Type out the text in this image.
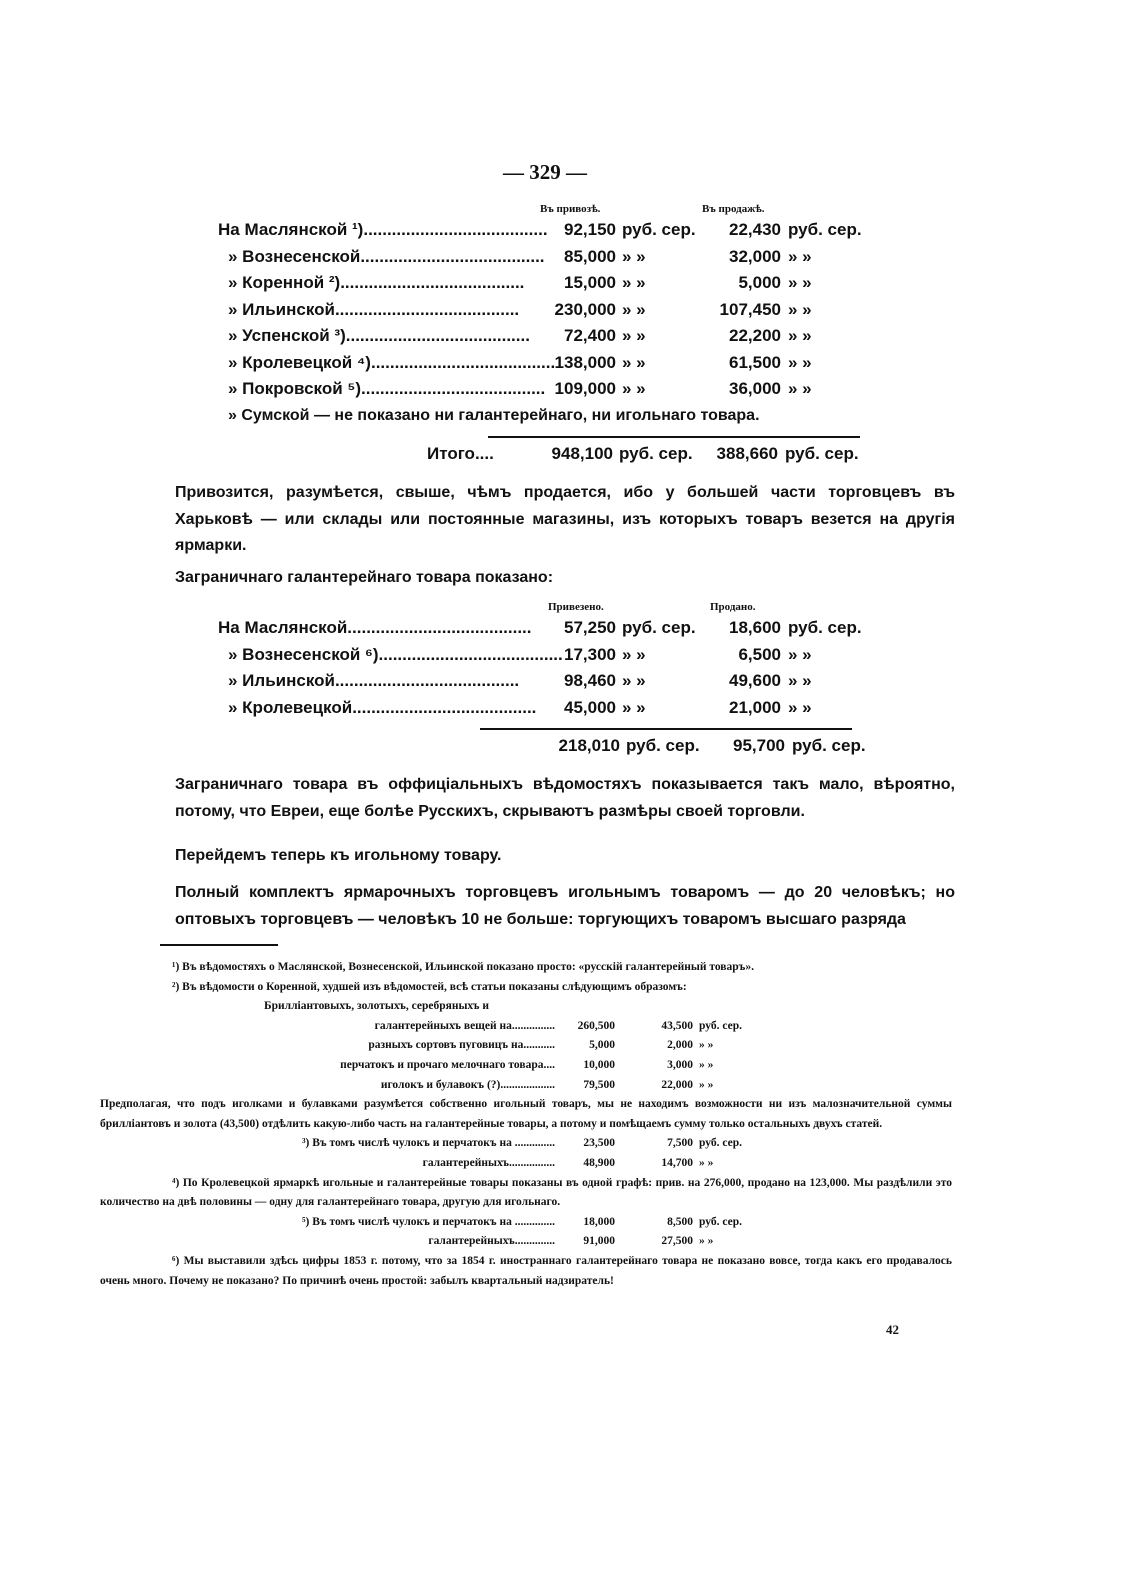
— 329 —
Въ привозѣ.	Въ продажѣ.
На Маслянской ¹)....................................... 92,150 руб. сер.	22,430 руб. сер.
» Вознесенской.......................................	85,000 » »	32,000 » »
» Коренной ²).......................................	15,000 » »	5,000 » »
» Ильинской.......................................	230,000 » »	107,450 » »
» Успенской ³).......................................	72,400 » »	22,200 » »
» Кролевецкой ⁴)....................................... 138,000 » »	61,500 » »
» Покровской ⁵)....................................... 109,000 » »	36,000 » »
» Сумской — не показано ни галантерейнаго, ни игольнаго товара.
Итого....	948,100 руб. сер.	388,660 руб. сер.

Привозится, разумѣется, свыше, чѣмъ продается, ибо у большей части торговцевъ въ Харьковѣ — или склады или постоянные магазины, изъ которыхъ товаръ везется на другія ярмарки.

Заграничнаго галантерейнаго товара показано:

Привезено.	Продано.
На Маслянской.......................................	57,250 руб. сер.	18,600 руб. сер.
» Вознесенской ⁶)....................................... 17,300 » »	6,500 » »
» Ильинской.......................................	98,460 » »	49,600 » »
» Кролевецкой.......................................	45,000 » »	21,000 » »
218,010 руб. сер.	95,700 руб. сер.

Заграничнаго товара въ оффиціальныхъ вѣдомостяхъ показывается такъ мало, вѣроятно, потому, что Евреи, еще болѣе Русскихъ, скрываютъ размѣры своей торговли.

Перейдемъ теперь къ игольному товару.

Полный комплектъ ярмарочныхъ торговцевъ игольнымъ товаромъ — до 20 человѣкъ; но оптовыхъ торговцевъ — человѣкъ 10 не больше: торгующихъ товаромъ высшаго разряда

¹) Въ вѣдомостяхъ о Маслянской, Вознесенской, Ильинской показано просто: «русскій галантерейный товаръ».
²) Въ вѣдомости о Коренной, худшей изъ вѣдомостей, всѣ статьи показаны слѣдующимъ образомъ:
Бриллiантовыхъ, золотыхъ, серебряныхъ и
галантерейныхъ вещей на...............	260,500	43,500 руб. сер.
разныхъ сортовъ пуговицъ на...........	5,000	2,000 » »
перчатокъ и прочаго мелочнаго товара....	10,000	3,000 » »
иголокъ и булавокъ (?)...................	79,500	22,000 » »
Предполагая, что подъ иголками и булавками разумѣется собственно игольный товаръ, мы не находимъ возможности ни изъ малозначительной суммы бриллiантовъ и золота (43,500) отдѣлить какую-либо часть на галантерейные товары, а потому и помѣщаемъ сумму только остальныхъ двухъ статей.
³) Въ томъ числѣ чулокъ и перчатокъ на ..............	23,500	7,500 руб. сер.
галантерейныхъ................	48,900	14,700 » »
⁴) По Кролевецкой ярмаркѣ игольные и галантерейные товары показаны въ одной графѣ: прив. на 276,000, продано на 123,000. Мы раздѣлили это количество на двѣ половины — одну для галантерейнаго товара, другую для игольнаго.
⁵) Въ томъ числѣ чулокъ и перчатокъ на ..............	18,000	8,500 руб. сер.
галантерейныхъ..............	91,000	27,500 » »
⁶) Мы выставили здѣсь цифры 1853 г. потому, что за 1854 г. иностраннаго галантерейнаго товара не показано вовсе, тогда какъ его продавалось очень много. Почему не показано? По причинѣ очень простой: забылъ квартальный надзиратель!
42
